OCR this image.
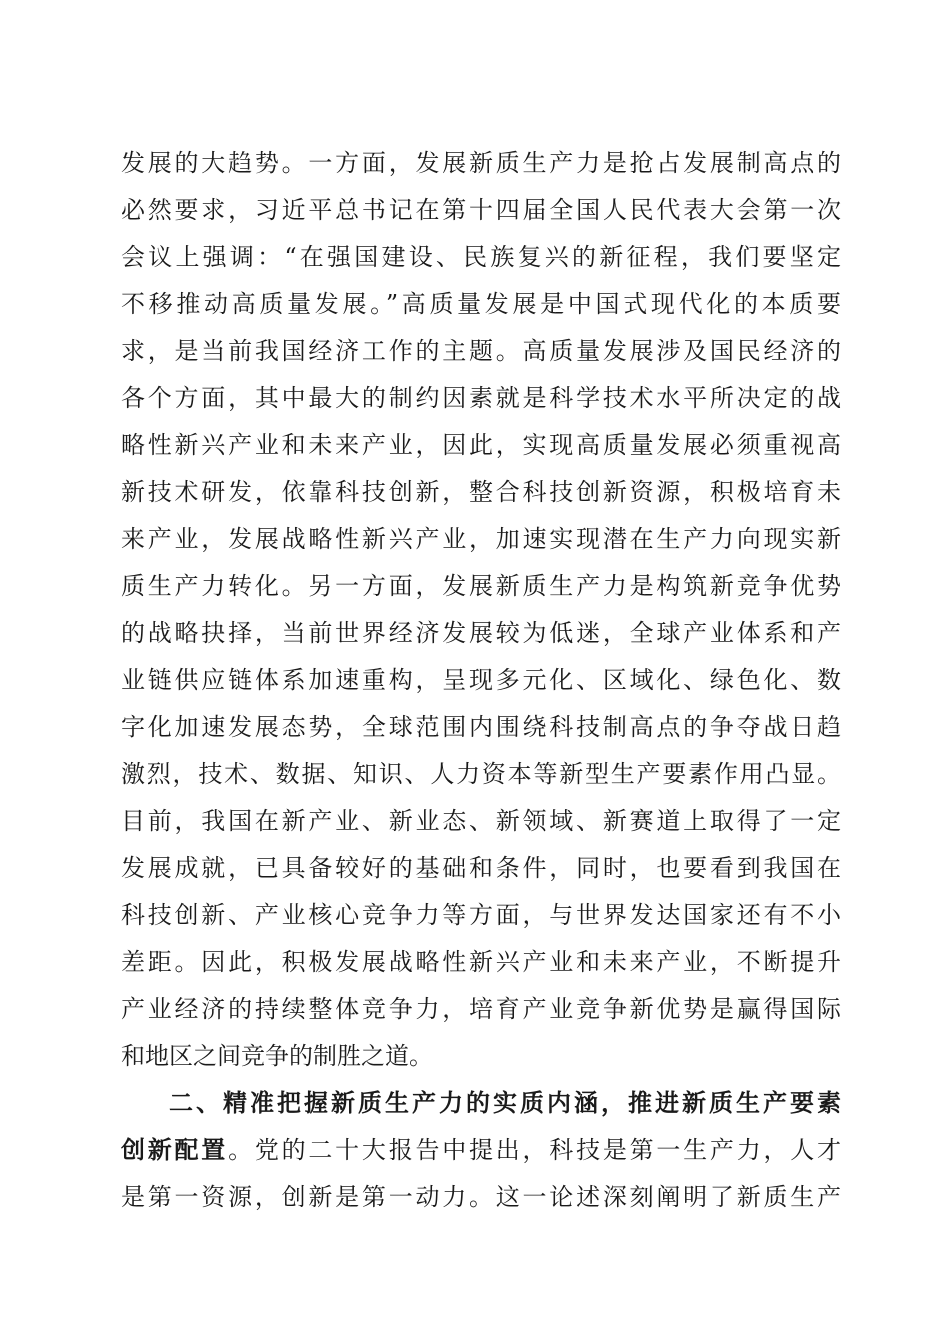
发展的大趋势。一方面，发展新质生产力是抢占发展制高点的
必然要求，习近平总书记在第十四届全国人民代表大会第一次
会议上强调：“在强国建设、民族复兴的新征程，我们要坚定
不移推动高质量发展。”高质量发展是中国式现代化的本质要
求，是当前我国经济工作的主题。高质量发展涉及国民经济的
各个方面，其中最大的制约因素就是科学技术水平所决定的战
略性新兴产业和未来产业，因此，实现高质量发展必须重视高
新技术研发，依靠科技创新，整合科技创新资源，积极培育未
来产业，发展战略性新兴产业，加速实现潜在生产力向现实新
质生产力转化。另一方面，发展新质生产力是构筑新竞争优势
的战略抉择，当前世界经济发展较为低迷，全球产业体系和产
业链供应链体系加速重构，呈现多元化、区域化、绿色化、数
字化加速发展态势，全球范围内围绕科技制高点的争夺战日趋
激烈，技术、数据、知识、人力资本等新型生产要素作用凸显。
目前，我国在新产业、新业态、新领域、新赛道上取得了一定
发展成就，已具备较好的基础和条件，同时，也要看到我国在
科技创新、产业核心竞争力等方面，与世界发达国家还有不小
差距。因此，积极发展战略性新兴产业和未来产业，不断提升
产业经济的持续整体竞争力，培育产业竞争新优势是赢得国际
和地区之间竞争的制胜之道。
二、精准把握新质生产力的实质内涵，推进新质生产要素
创新配置。党的二十大报告中提出，科技是第一生产力，人才
是第一资源，创新是第一动力。这一论述深刻阐明了新质生产
